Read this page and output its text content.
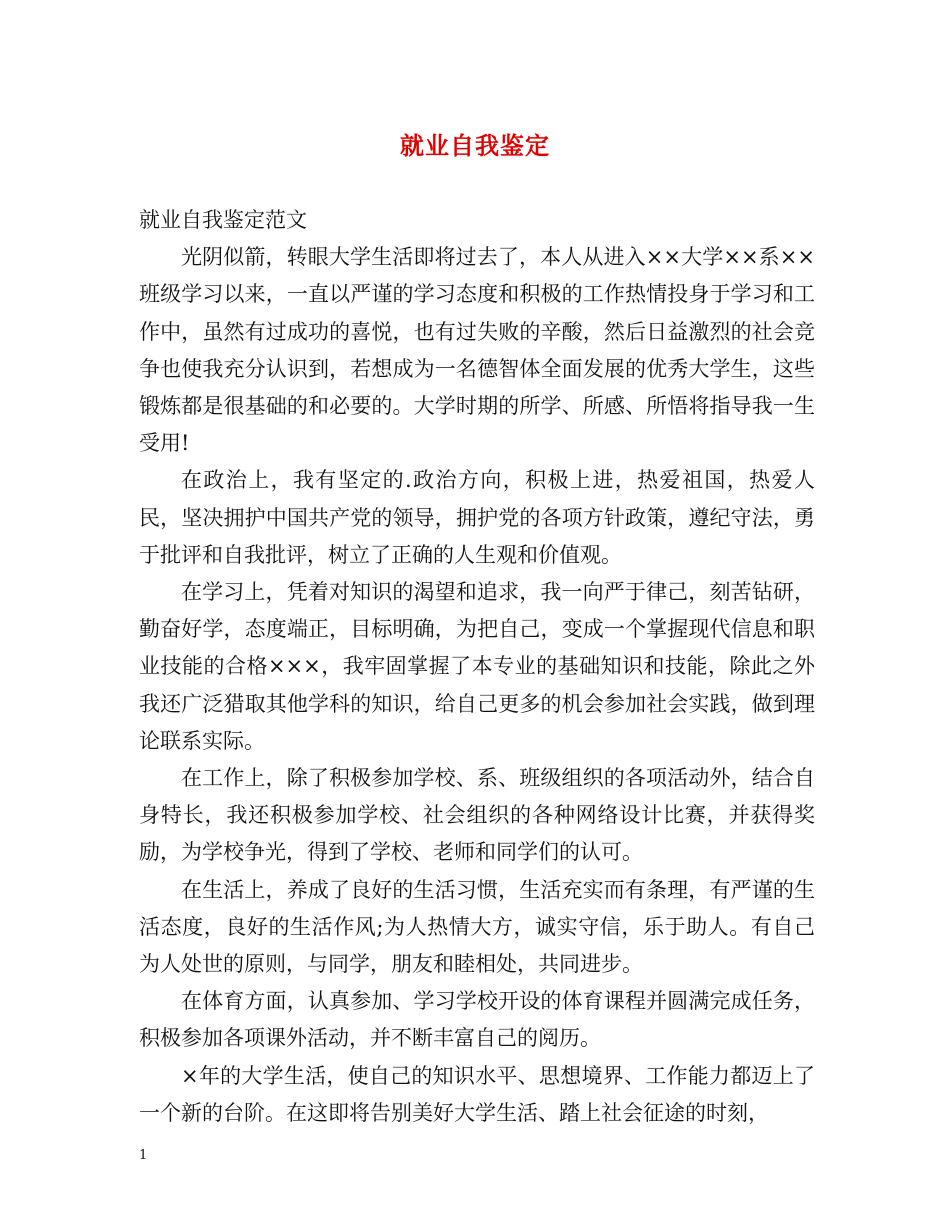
就业自我鉴定

就业自我鉴定范文

光阴似箭，转眼大学生活即将过去了，本人从进入××大学××系××班级学习以来，一直以严谨的学习态度和积极的工作热情投身于学习和工作中，虽然有过成功的喜悦，也有过失败的辛酸，然后日益激烈的社会竞争也使我充分认识到，若想成为一名德智体全面发展的优秀大学生，这些锻炼都是很基础的和必要的。大学时期的所学、所感、所悟将指导我一生受用!

在政治上，我有坚定的.政治方向，积极上进，热爱祖国，热爱人民，坚决拥护中国共产党的领导，拥护党的各项方针政策，遵纪守法，勇于批评和自我批评，树立了正确的人生观和价值观。

在学习上，凭着对知识的渴望和追求，我一向严于律己，刻苦钻研，勤奋好学，态度端正，目标明确，为把自己，变成一个掌握现代信息和职业技能的合格×××，我牢固掌握了本专业的基础知识和技能，除此之外我还广泛猎取其他学科的知识，给自己更多的机会参加社会实践，做到理论联系实际。

在工作上，除了积极参加学校、系、班级组织的各项活动外，结合自身特长，我还积极参加学校、社会组织的各种网络设计比赛，并获得奖励，为学校争光，得到了学校、老师和同学们的认可。

在生活上，养成了良好的生活习惯，生活充实而有条理，有严谨的生活态度，良好的生活作风;为人热情大方，诚实守信，乐于助人。有自己为人处世的原则，与同学，朋友和睦相处，共同进步。

在体育方面，认真参加、学习学校开设的体育课程并圆满完成任务，积极参加各项课外活动，并不断丰富自己的阅历。

×年的大学生活，使自己的知识水平、思想境界、工作能力都迈上了一个新的台阶。在这即将告别美好大学生活、踏上社会征途的时刻，

1
